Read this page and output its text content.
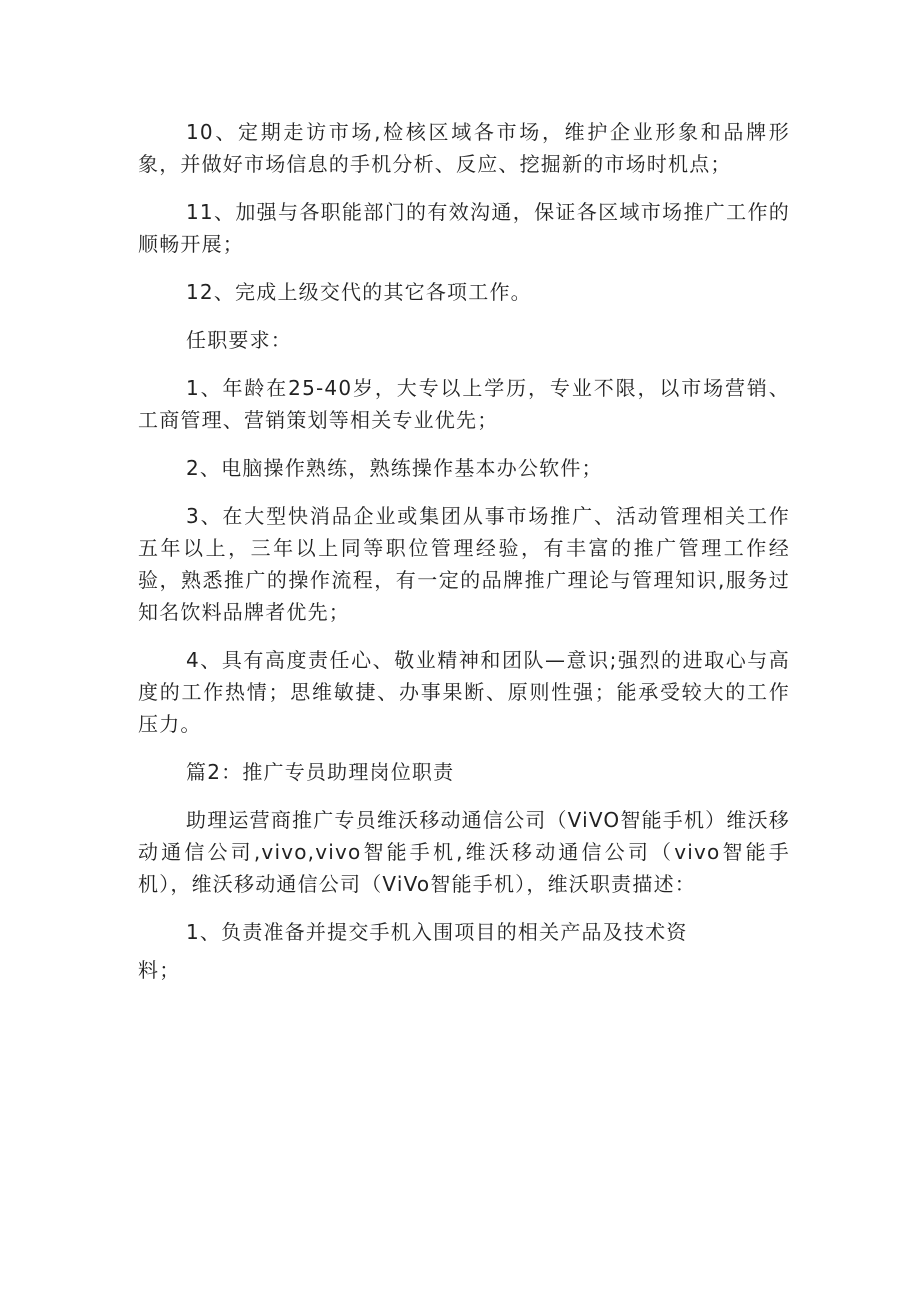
10、定期走访市场,检核区域各市场，维护企业形象和品牌形象，并做好市场信息的手机分析、反应、挖掘新的市场时机点；

11、加强与各职能部门的有效沟通，保证各区域市场推广工作的顺畅开展；

12、完成上级交代的其它各项工作。

任职要求：

1、年龄在25-40岁，大专以上学历，专业不限，以市场营销、工商管理、营销策划等相关专业优先；

2、电脑操作熟练，熟练操作基本办公软件；

3、在大型快消品企业或集团从事市场推广、活动管理相关工作五年以上，三年以上同等职位管理经验，有丰富的推广管理工作经验，熟悉推广的操作流程，有一定的品牌推广理论与管理知识,服务过知名饮料品牌者优先；

4、具有高度责任心、敬业精神和团队—意识;强烈的进取心与高度的工作热情；思维敏捷、办事果断、原则性强；能承受较大的工作压力。

篇2：推广专员助理岗位职责

助理运营商推广专员维沃移动通信公司（ViVO智能手机）维沃移动通信公司,vivo,vivo智能手机,维沃移动通信公司（vivo智能手机），维沃移动通信公司（ViVo智能手机），维沃职责描述：

1、负责准备并提交手机入围项目的相关产品及技术资

料；
